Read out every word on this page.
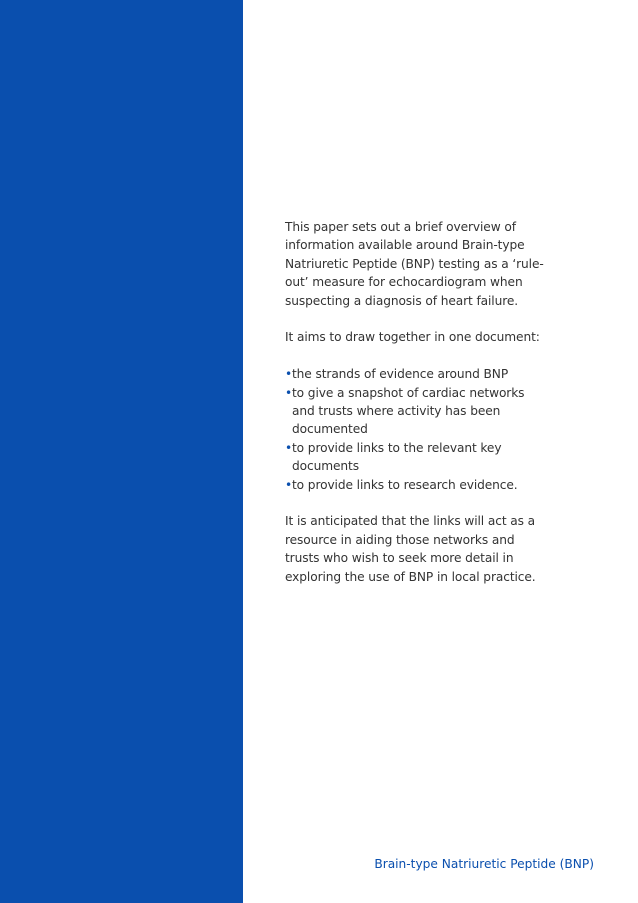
This paper sets out a brief overview of information available around Brain-type Natriuretic Peptide (BNP) testing as a ‘rule-out’ measure for echocardiogram when suspecting a diagnosis of heart failure.

It aims to draw together in one document:

• the strands of evidence around BNP
• to give a snapshot of cardiac networks and trusts where activity has been documented
• to provide links to the relevant key documents
• to provide links to research evidence.

It is anticipated that the links will act as a resource in aiding those networks and trusts who wish to seek more detail in exploring the use of BNP in local practice.

Brain-type Natriuretic Peptide (BNP)
